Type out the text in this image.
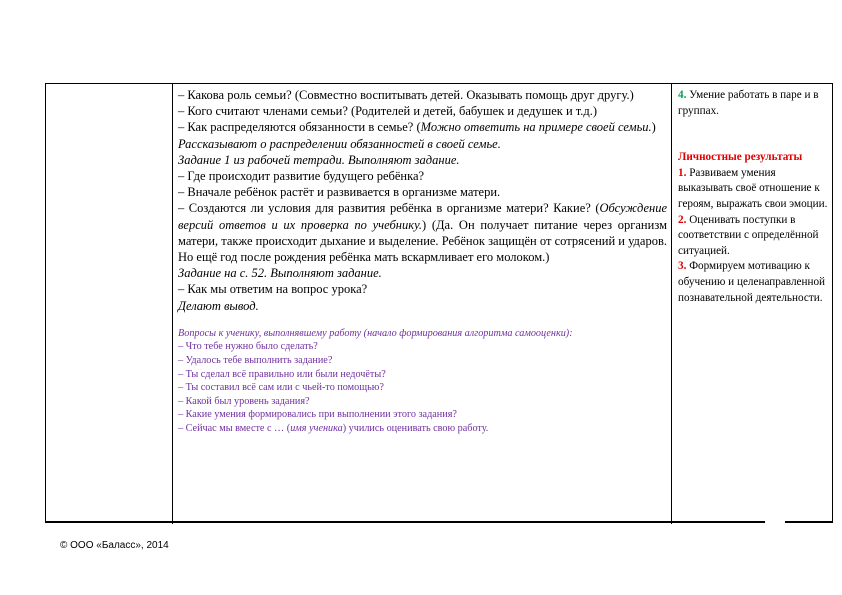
– Какова роль семьи? (Совместно воспитывать детей. Оказывать помощь друг другу.)

– Кого считают членами семьи? (Родителей и детей, бабушек и дедушек и т.д.)

– Как распределяются обязанности в семье? (Можно ответить на примере своей семьи.)

Рассказывают о распределении обязанностей в своей семье.

Задание 1 из рабочей тетради. Выполняют задание.

– Где происходит развитие будущего ребёнка?

– Вначале ребёнок растёт и развивается в организме матери.

– Создаются ли условия для развития ребёнка в организме матери? Какие? (Обсуждение версий ответов и их проверка по учебнику.) (Да. Он получает питание через организм матери, также происходит дыхание и выделение. Ребёнок защищён от сотрясений и ударов. Но ещё год после рождения ребёнка мать вскармливает его молоком.)

Задание на с. 52. Выполняют задание.

– Как мы ответим на вопрос урока?

Делают вывод.

Вопросы к ученику, выполнявшему работу (начало формирования алгоритма самооценки):

– Что тебе нужно было сделать?

– Удалось тебе выполнить задание?

– Ты сделал всё правильно или были недочёты?

– Ты составил всё сам или с чьей-то помощью?

– Какой был уровень задания?

– Какие умения формировались при выполнении этого задания?

– Сейчас мы вместе с … (имя ученика) учились оценивать свою работу.

4. Умение работать в паре и в группах.

Личностные результаты

1. Развиваем умения выказывать своё отношение к героям, выражать свои эмоции.

2. Оценивать поступки в соответствии с определённой ситуацией.

3. Формируем мотивацию к обучению и целенаправленной познавательной деятельности.

© ООО «Баласс», 2014
